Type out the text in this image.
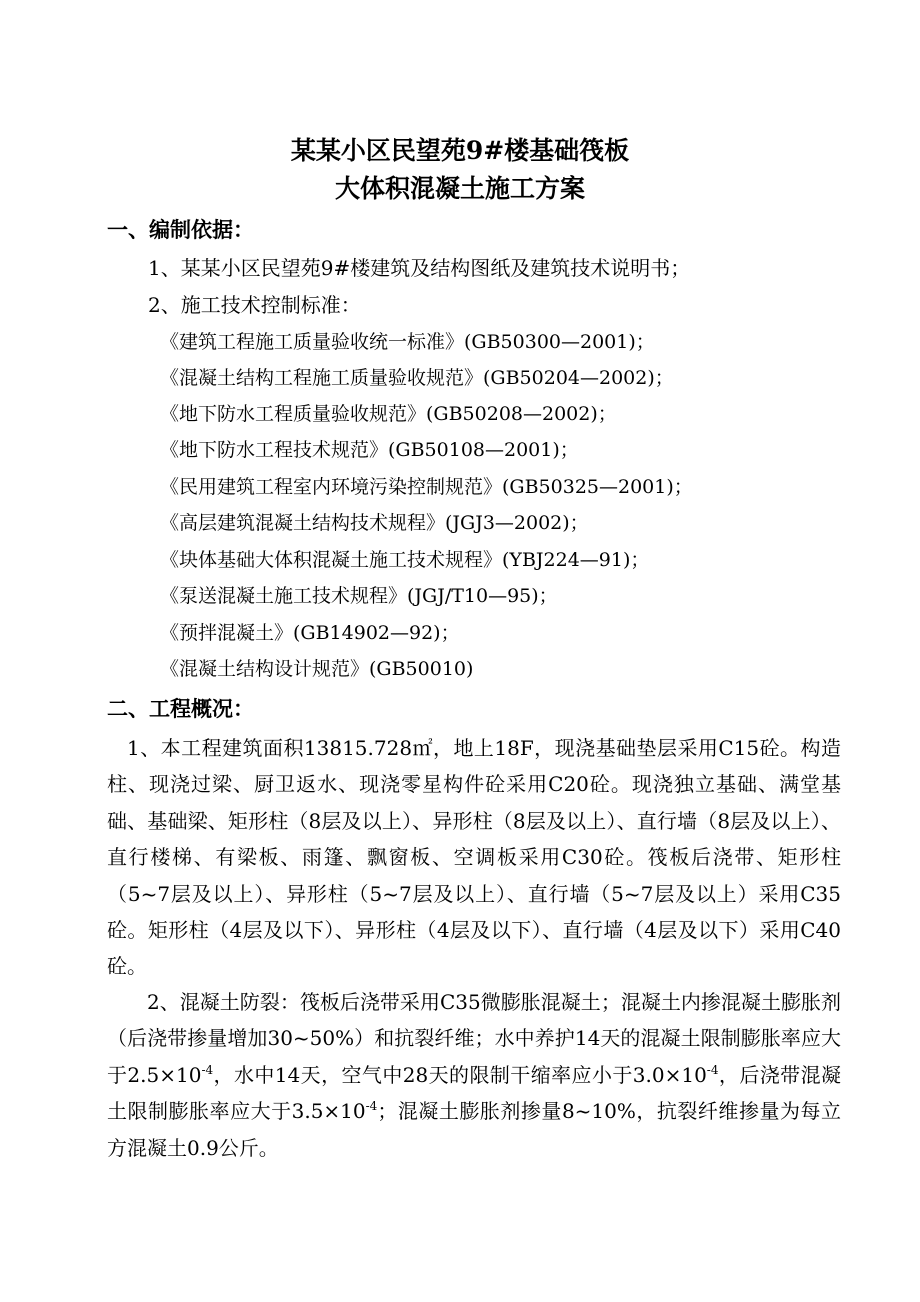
某某小区民望苑9#楼基础筏板
大体积混凝土施工方案
一、编制依据：
1、某某小区民望苑9#楼建筑及结构图纸及建筑技术说明书；
2、施工技术控制标准：
《建筑工程施工质量验收统一标准》(GB50300—2001)；
《混凝土结构工程施工质量验收规范》(GB50204—2002)；
《地下防水工程质量验收规范》(GB50208—2002)；
《地下防水工程技术规范》(GB50108—2001)；
《民用建筑工程室内环境污染控制规范》(GB50325—2001)；
《高层建筑混凝土结构技术规程》(JGJ3—2002)；
《块体基础大体积混凝土施工技术规程》(YBJ224—91)；
《泵送混凝土施工技术规程》(JGJ/T10—95)；
《预拌混凝土》(GB14902—92)；
《混凝土结构设计规范》(GB50010)
二、工程概况：
1、本工程建筑面积13815.728㎡，地上18F，现浇基础垫层采用C15砼。构造柱、现浇过梁、厨卫返水、现浇零星构件砼采用C20砼。现浇独立基础、满堂基础、基础梁、矩形柱（8层及以上）、异形柱（8层及以上）、直行墙（8层及以上）、直行楼梯、有梁板、雨篷、飘窗板、空调板采用C30砼。筏板后浇带、矩形柱（5~7层及以上）、异形柱（5~7层及以上）、直行墙（5~7层及以上）采用C35砼。矩形柱（4层及以下）、异形柱（4层及以下）、直行墙（4层及以下）采用C40砼。
2、混凝土防裂：筏板后浇带采用C35微膨胀混凝土；混凝土内掺混凝土膨胀剂（后浇带掺量增加30~50%）和抗裂纤维；水中养护14天的混凝土限制膨胀率应大于$2.5\times 10^{-4}$，水中14天，空气中28天的限制干缩率应小于$3.0\times 10^{-4}$，后浇带混凝土限制膨胀率应大于$3.5\times 10^{-4}$；混凝土膨胀剂掺量8~10%，抗裂纤维掺量为每立方混凝土0.9公斤。
